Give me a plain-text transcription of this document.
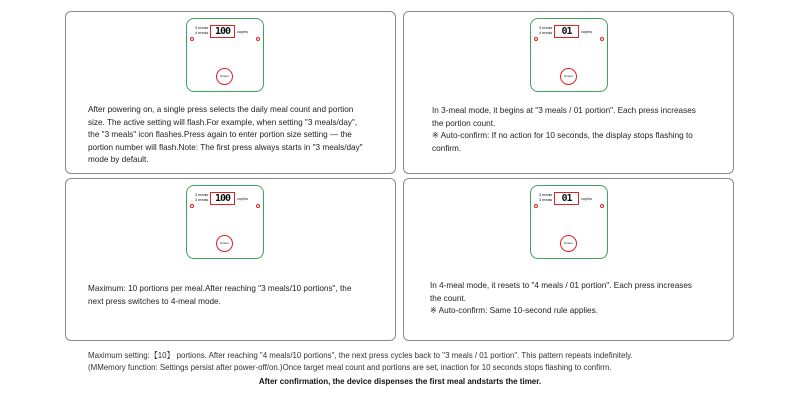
3 meals
4 meals 100	copies
Power
After powering on, a single press selects the daily meal count and portion
size. The active setting will flash.For example, when setting "3 meals/day",
the "3 meals" icon flashes.Press again to enter portion size setting — the
portion number will flash.Note: The first press always starts in "3 meals/day"
mode by default.
3 meals
4 meals 01	copies
Power
In 3-meal mode, it begins at "3 meals / 01 portion". Each press increases
the portion count.
※ Auto-confirm: If no action for 10 seconds, the display stops flashing to
confirm.
3 meals
4 meals 100	copies
Power
Maximum: 10 portions per meal.After reaching "3 meals/10 portions", the
next press switches to 4-meal mode.
3 meals
4 meals 01	copies
Power
In 4-meal mode, it resets to "4 meals / 01 portion". Each press increases
the count.
※ Auto-confirm: Same 10-second rule applies.

Maximum setting:【10】 portions. After reaching "4 meals/10 portions", the next press cycles back to "3 meals / 01 portion". This pattern repeats indefinitely.

(MMemory function: Settings persist after power-off/on.)Once target meal count and portions are set, inaction for 10 seconds stops flashing to confirm.

After confirmation, the device dispenses the first meal andstarts the timer.
